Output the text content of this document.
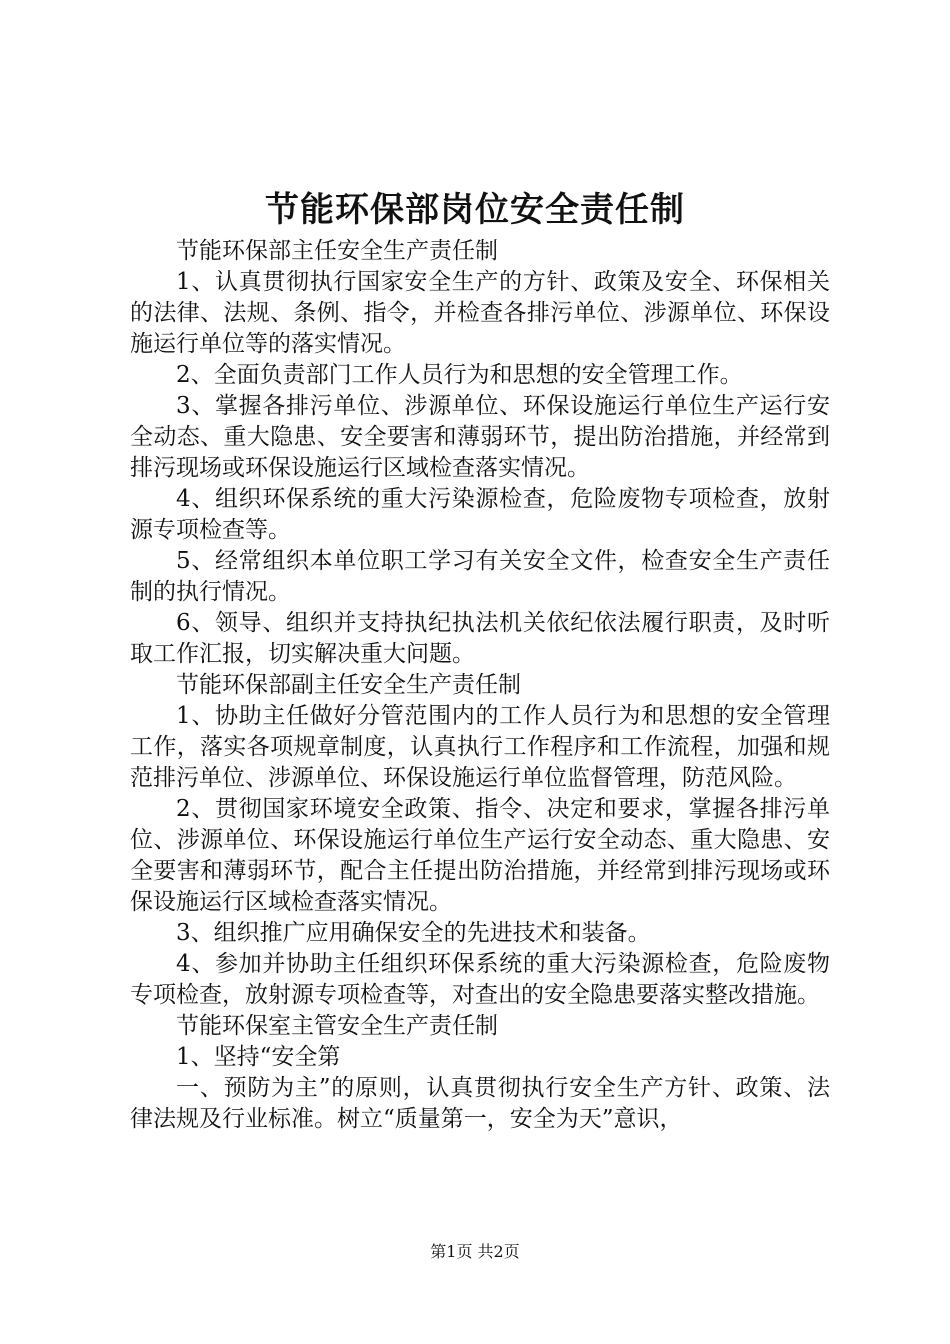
节能环保部岗位安全责任制

节能环保部主任安全生产责任制

1、认真贯彻执行国家安全生产的方针、政策及安全、环保相关的法律、法规、条例、指令，并检查各排污单位、涉源单位、环保设施运行单位等的落实情况。

2、全面负责部门工作人员行为和思想的安全管理工作。

3、掌握各排污单位、涉源单位、环保设施运行单位生产运行安全动态、重大隐患、安全要害和薄弱环节，提出防治措施，并经常到排污现场或环保设施运行区域检查落实情况。

4、组织环保系统的重大污染源检查，危险废物专项检查，放射源专项检查等。

5、经常组织本单位职工学习有关安全文件，检查安全生产责任制的执行情况。

6、领导、组织并支持执纪执法机关依纪依法履行职责，及时听取工作汇报，切实解决重大问题。

节能环保部副主任安全生产责任制

1、协助主任做好分管范围内的工作人员行为和思想的安全管理工作，落实各项规章制度，认真执行工作程序和工作流程，加强和规范排污单位、涉源单位、环保设施运行单位监督管理，防范风险。

2、贯彻国家环境安全政策、指令、决定和要求，掌握各排污单位、涉源单位、环保设施运行单位生产运行安全动态、重大隐患、安全要害和薄弱环节，配合主任提出防治措施，并经常到排污现场或环保设施运行区域检查落实情况。

3、组织推广应用确保安全的先进技术和装备。

4、参加并协助主任组织环保系统的重大污染源检查，危险废物专项检查，放射源专项检查等，对查出的安全隐患要落实整改措施。

节能环保室主管安全生产责任制

1、坚持“安全第

一、预防为主”的原则，认真贯彻执行安全生产方针、政策、法律法规及行业标准。树立“质量第一，安全为天”意识，

第1页 共2页
